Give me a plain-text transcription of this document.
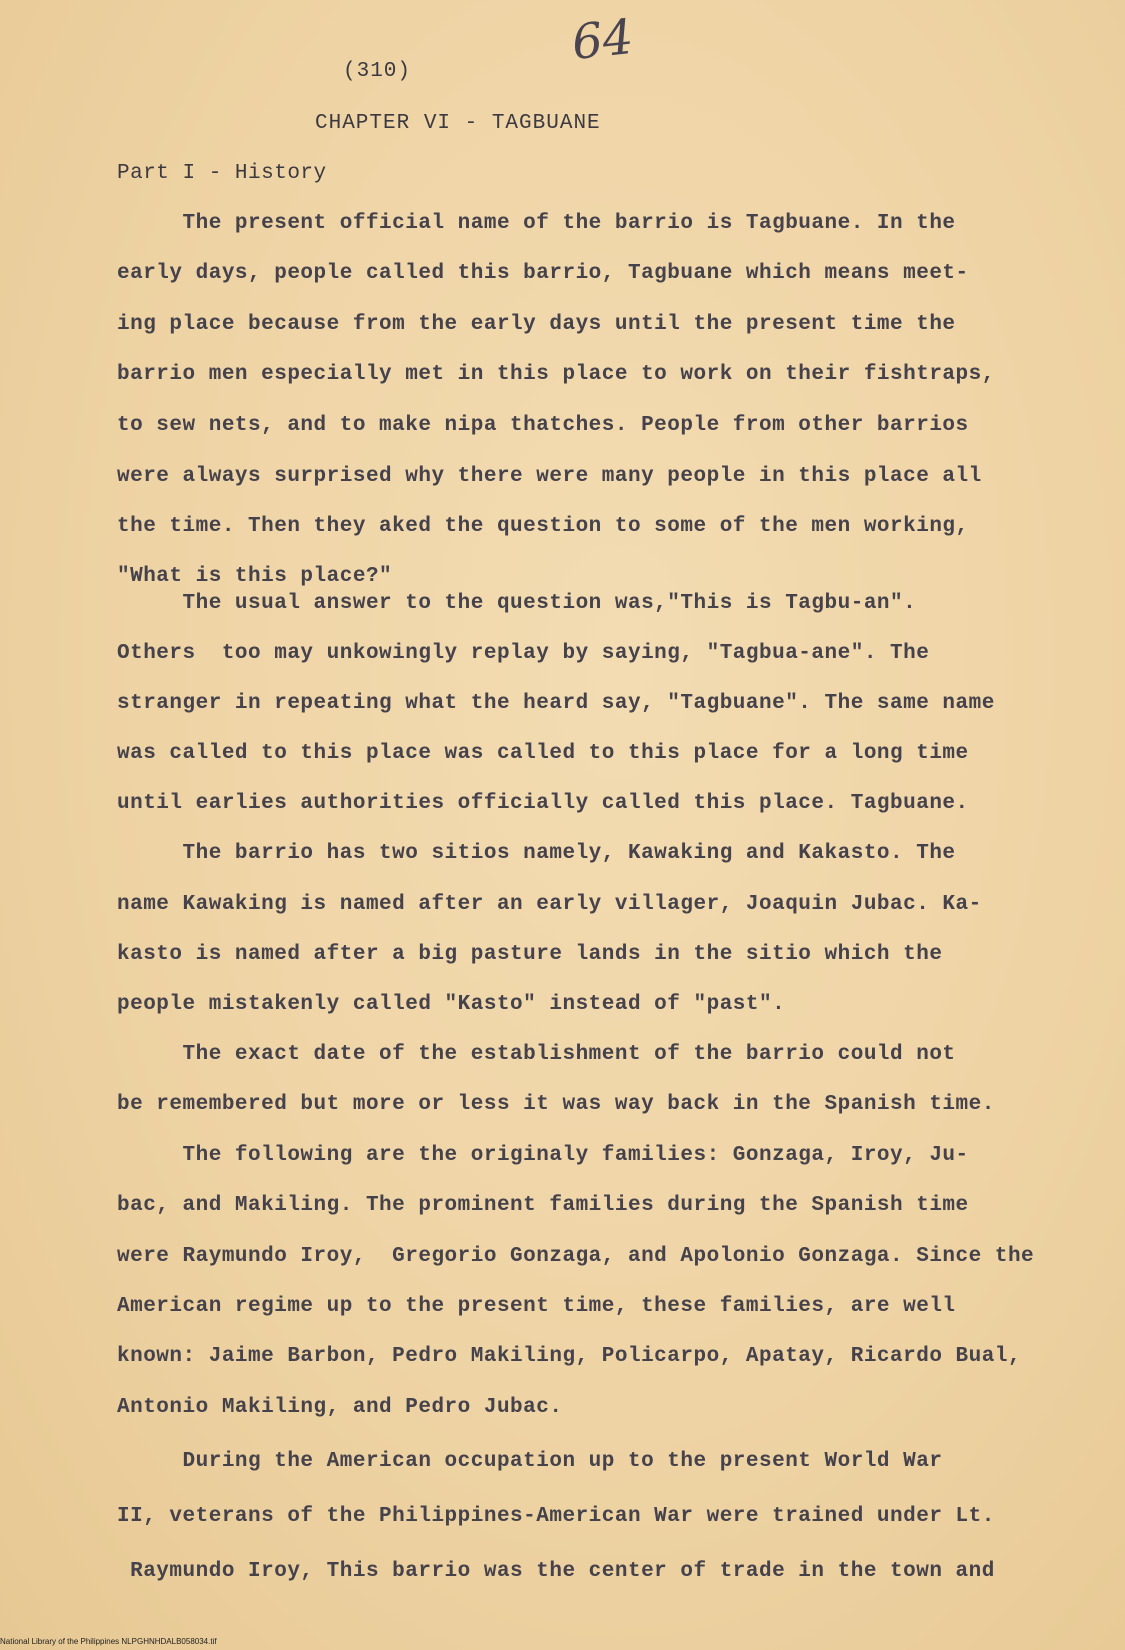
64
(310)
CHAPTER VI - TAGBUANE
Part I - History
The present official name of the barrio is Tagbuane. In the
early days, people called this barrio, Tagbuane which means meet-
ing place because from the early days until the present time the
barrio men especially met in this place to work on their fishtraps,
to sew nets, and to make nipa thatches. People from other barrios
were always surprised why there were many people in this place all
the time. Then they aked the question to some of the men working,
"What is this place?"
The usual answer to the question was,"This is Tagbu-an".
Others  too may unkowingly replay by saying, "Tagbua-ane". The
stranger in repeating what the heard say, "Tagbuane". The same name
was called to this place was called to this place for a long time
until earlies authorities officially called this place. Tagbuane.
The barrio has two sitios namely, Kawaking and Kakasto. The
name Kawaking is named after an early villager, Joaquin Jubac. Ka-
kasto is named after a big pasture lands in the sitio which the
people mistakenly called "Kasto" instead of "past".
The exact date of the establishment of the barrio could not
be remembered but more or less it was way back in the Spanish time.
The following are the originaly families: Gonzaga, Iroy, Ju-
bac, and Makiling. The prominent families during the Spanish time
were Raymundo Iroy,  Gregorio Gonzaga, and Apolonio Gonzaga. Since the
American regime up to the present time, these families, are well
known: Jaime Barbon, Pedro Makiling, Policarpo, Apatay, Ricardo Bual,
Antonio Makiling, and Pedro Jubac.
During the American occupation up to the present World War
II, veterans of the Philippines-American War were trained under Lt.
Raymundo Iroy, This barrio was the center of trade in the town and
National Library of the Philippines NLPGHNHDALB058034.tif
